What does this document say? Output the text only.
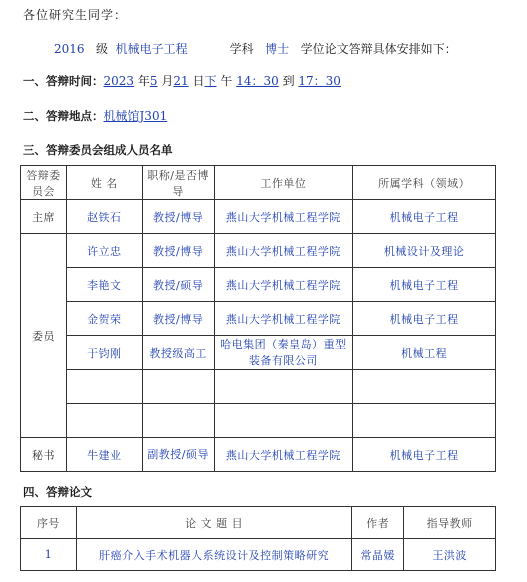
各位研究生同学：
2016 级 机械电子工程	学科 博士 学位论文答辩具体安排如下：
一、答辩时间：2023 年5 月21 日下 午 14：30 到 17：30
二、答辩地点：机械馆J301
三、答辩委员会组成人员名单
答辩委员会	姓 名	职称/是否博导	工作单位	所属学科（领域）
主席	赵铁石	教授/博导	燕山大学机械工程学院	机械电子工程
委员	许立忠	教授/博导	燕山大学机械工程学院	机械设计及理论
	李艳文	教授/硕导	燕山大学机械工程学院	机械电子工程
	金贺荣	教授/博导	燕山大学机械工程学院	机械电子工程
	于钧刚	教授级高工	哈电集团（秦皇岛）重型装备有限公司	机械工程

秘书	牛建业	副教授/硕导	燕山大学机械工程学院	机械电子工程
四、答辩论文
序号	论 文 题 目	作者	指导教师
1	肝癌介入手术机器人系统设计及控制策略研究	常晶媛	王洪波
